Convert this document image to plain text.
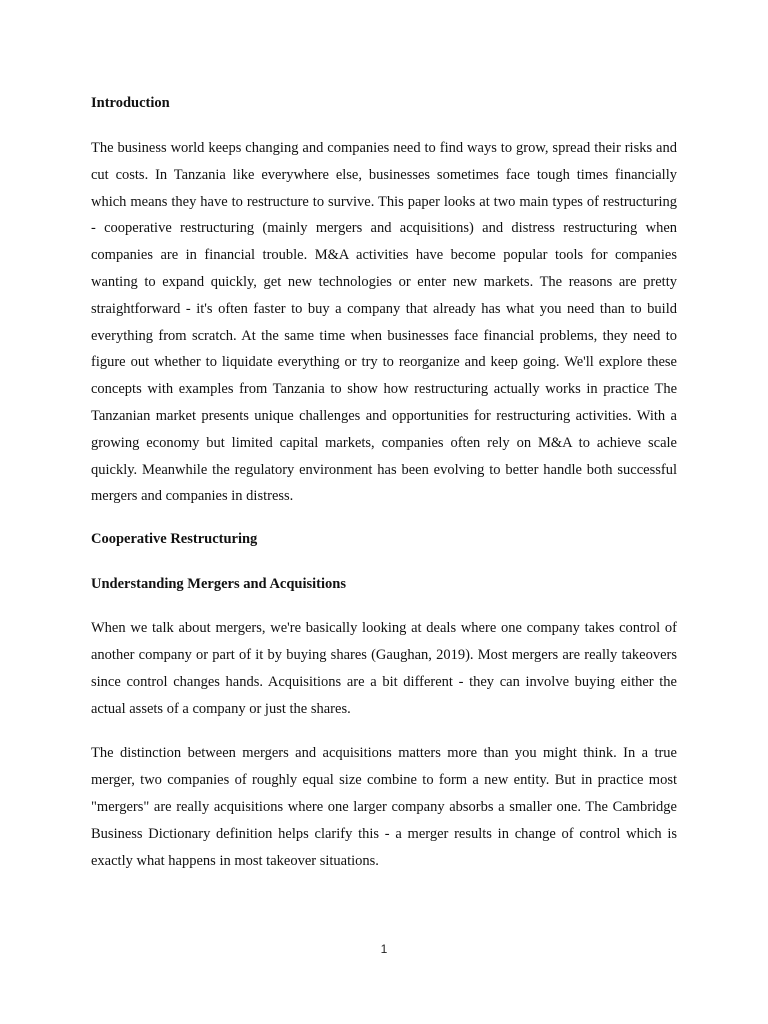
Introduction

The business world keeps changing and companies need to find ways to grow, spread their risks and cut costs. In Tanzania like everywhere else, businesses sometimes face tough times financially which means they have to restructure to survive. This paper looks at two main types of restructuring - cooperative restructuring (mainly mergers and acquisitions) and distress restructuring when companies are in financial trouble. M&A activities have become popular tools for companies wanting to expand quickly, get new technologies or enter new markets. The reasons are pretty straightforward - it's often faster to buy a company that already has what you need than to build everything from scratch. At the same time when businesses face financial problems, they need to figure out whether to liquidate everything or try to reorganize and keep going. We'll explore these concepts with examples from Tanzania to show how restructuring actually works in practice The Tanzanian market presents unique challenges and opportunities for restructuring activities. With a growing economy but limited capital markets, companies often rely on M&A to achieve scale quickly. Meanwhile the regulatory environment has been evolving to better handle both successful mergers and companies in distress.

Cooperative Restructuring
Understanding Mergers and Acquisitions

When we talk about mergers, we're basically looking at deals where one company takes control of another company or part of it by buying shares (Gaughan, 2019). Most mergers are really takeovers since control changes hands. Acquisitions are a bit different - they can involve buying either the actual assets of a company or just the shares.

The distinction between mergers and acquisitions matters more than you might think. In a true merger, two companies of roughly equal size combine to form a new entity. But in practice most "mergers" are really acquisitions where one larger company absorbs a smaller one. The Cambridge Business Dictionary definition helps clarify this - a merger results in change of control which is exactly what happens in most takeover situations.

1
